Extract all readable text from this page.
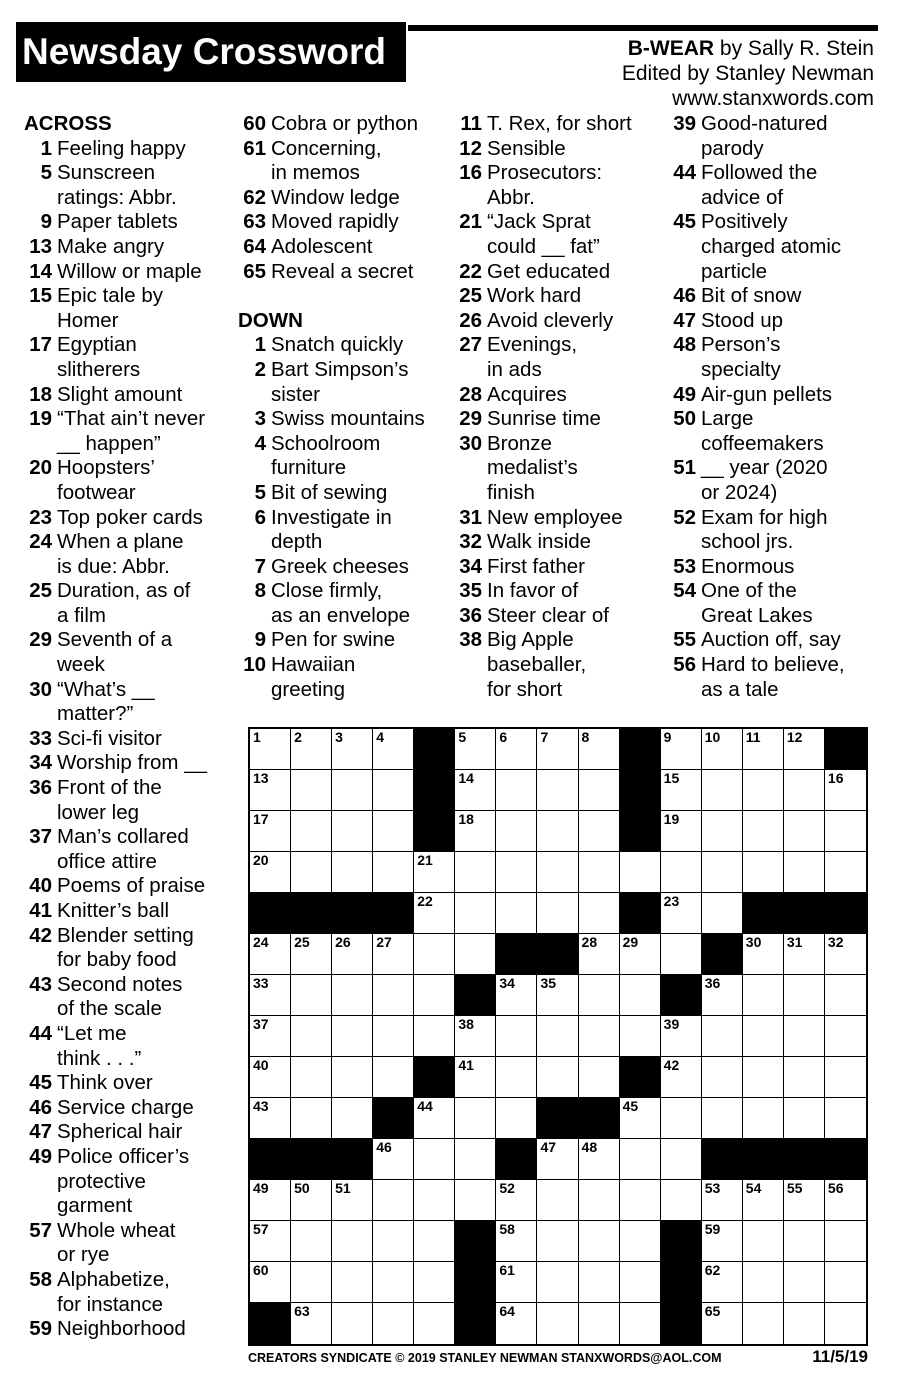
Newsday Crossword	B-WEAR by Sally R. Stein
Edited by Stanley Newman
www.stanxwords.com
ACROSS
1 Feeling happy
5 Sunscreen
ratings: Abbr.
9 Paper tablets
13 Make angry
14 Willow or maple
15 Epic tale by
Homer
17 Egyptian
slitherers
18 Slight amount
19 “That ain’t never
__ happen”
20 Hoopsters’
footwear
23 Top poker cards
24 When a plane
is due: Abbr.
25 Duration, as of
a film
29 Seventh of a
week
30 “What’s __
matter?”
33 Sci-fi visitor
34 Worship from __
36 Front of the
lower leg
37 Man’s collared
office attire
40 Poems of praise
41 Knitter’s ball
42 Blender setting
for baby food
43 Second notes
of the scale
44 “Let me
think . . .”
45 Think over
46 Service charge
47 Spherical hair
49 Police officer’s
protective
garment
57 Whole wheat
or rye
58 Alphabetize,
for instance
59 Neighborhood
60 Cobra or python
61 Concerning,
in memos
62 Window ledge
63 Moved rapidly
64 Adolescent
65 Reveal a secret
DOWN
1 Snatch quickly
2 Bart Simpson’s
sister
3 Swiss mountains
4 Schoolroom
furniture
5 Bit of sewing
6 Investigate in
depth
7 Greek cheeses
8 Close firmly,
as an envelope
9 Pen for swine
10 Hawaiian
greeting
11 T. Rex, for short
12 Sensible
16 Prosecutors:
Abbr.
21 “Jack Sprat
could __ fat”
22 Get educated
25 Work hard
26 Avoid cleverly
27 Evenings,
in ads
28 Acquires
29 Sunrise time
30 Bronze
medalist’s
finish
31 New employee
32 Walk inside
34 First father
35 In favor of
36 Steer clear of
38 Big Apple
baseballer,
for short
39 Good-natured
parody
44 Followed the
advice of
45 Positively
charged atomic
particle
46 Bit of snow
47 Stood up
48 Person’s
specialty
49 Air-gun pellets
50 Large
coffeemakers
51 __ year (2020
or 2024)
52 Exam for high
school jrs.
53 Enormous
54 One of the
Great Lakes
55 Auction off, say
56 Hard to believe,
as a tale
1 2 3 4	5 6 7 8	9 10 11 12
13	14	15	16
17	18	19
20	21
22	23
24 25 26 27	28 29	30 31 32
33	34 35	36
37	38	39
40	41	42
43	44	45
46	47 48
49 50 51	52	53 54 55 56
57	58	59
60	61	62
63	64	65
CREATORS SYNDICATE © 2019 STANLEY NEWMAN STANXWORDS@AOL.COM	11/5/19
